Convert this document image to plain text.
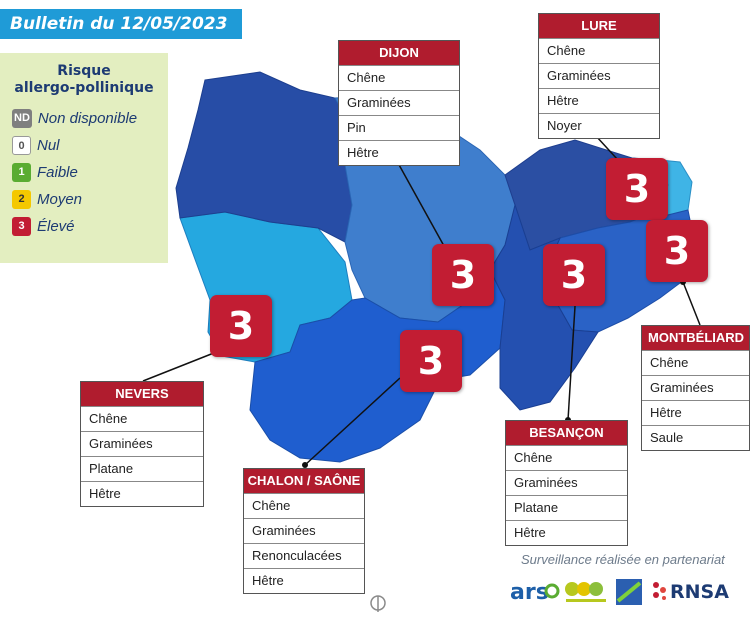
Bulletin du 12/05/2023
Risque
allergo-pollinique
ND Non disponible
0 Nul
1 Faible
2 Moyen
3 Élevé
3
3
3
3
3
3
DIJON
Chêne
Graminées
Pin
Hêtre
LURE
Chêne
Graminées
Hêtre
Noyer
MONTBÉLIARD
Chêne
Graminées
Hêtre
Saule
BESANÇON
Chêne
Graminées
Platane
Hêtre
CHALON / SAÔNE
Chêne
Graminées
Renonculacées
Hêtre
NEVERS
Chêne
Graminées
Platane
Hêtre
Surveillance réalisée en partenariat
ars	RNSA
